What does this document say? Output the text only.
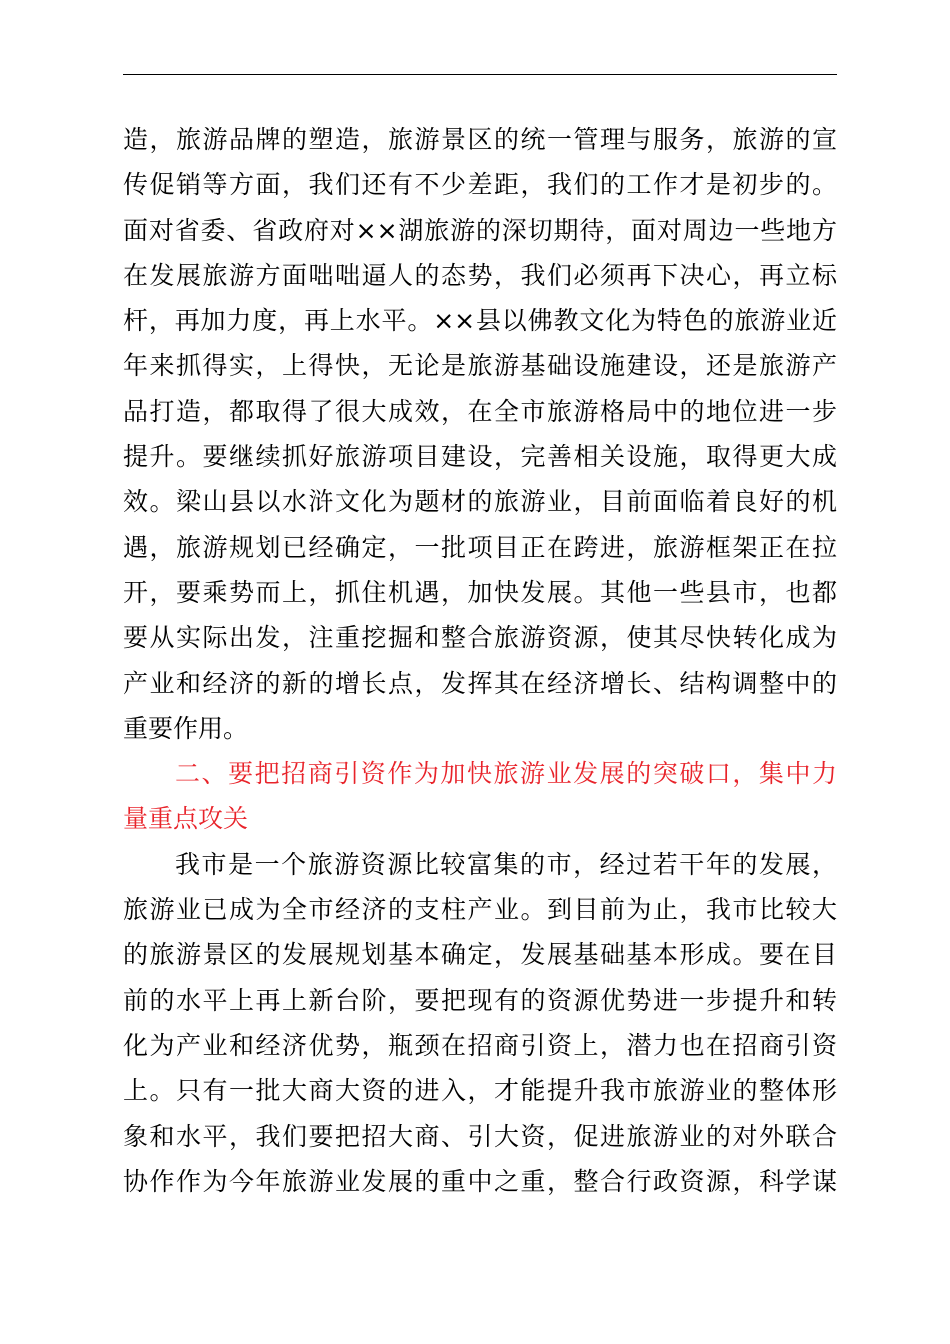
造，旅游品牌的塑造，旅游景区的统一管理与服务，旅游的宣
传促销等方面，我们还有不少差距，我们的工作才是初步的。
面对省委、省政府对××湖旅游的深切期待，面对周边一些地方
在发展旅游方面咄咄逼人的态势，我们必须再下决心，再立标
杆，再加力度，再上水平。××县以佛教文化为特色的旅游业近
年来抓得实，上得快，无论是旅游基础设施建设，还是旅游产
品打造，都取得了很大成效，在全市旅游格局中的地位进一步
提升。要继续抓好旅游项目建设，完善相关设施，取得更大成
效。梁山县以水浒文化为题材的旅游业，目前面临着良好的机
遇，旅游规划已经确定，一批项目正在跨进，旅游框架正在拉
开，要乘势而上，抓住机遇，加快发展。其他一些县市，也都
要从实际出发，注重挖掘和整合旅游资源，使其尽快转化成为
产业和经济的新的增长点，发挥其在经济增长、结构调整中的
重要作用。
二、要把招商引资作为加快旅游业发展的突破口，集中力
量重点攻关
我市是一个旅游资源比较富集的市，经过若干年的发展，
旅游业已成为全市经济的支柱产业。到目前为止，我市比较大
的旅游景区的发展规划基本确定，发展基础基本形成。要在目
前的水平上再上新台阶，要把现有的资源优势进一步提升和转
化为产业和经济优势，瓶颈在招商引资上，潜力也在招商引资
上。只有一批大商大资的进入，才能提升我市旅游业的整体形
象和水平，我们要把招大商、引大资，促进旅游业的对外联合
协作作为今年旅游业发展的重中之重，整合行政资源，科学谋
